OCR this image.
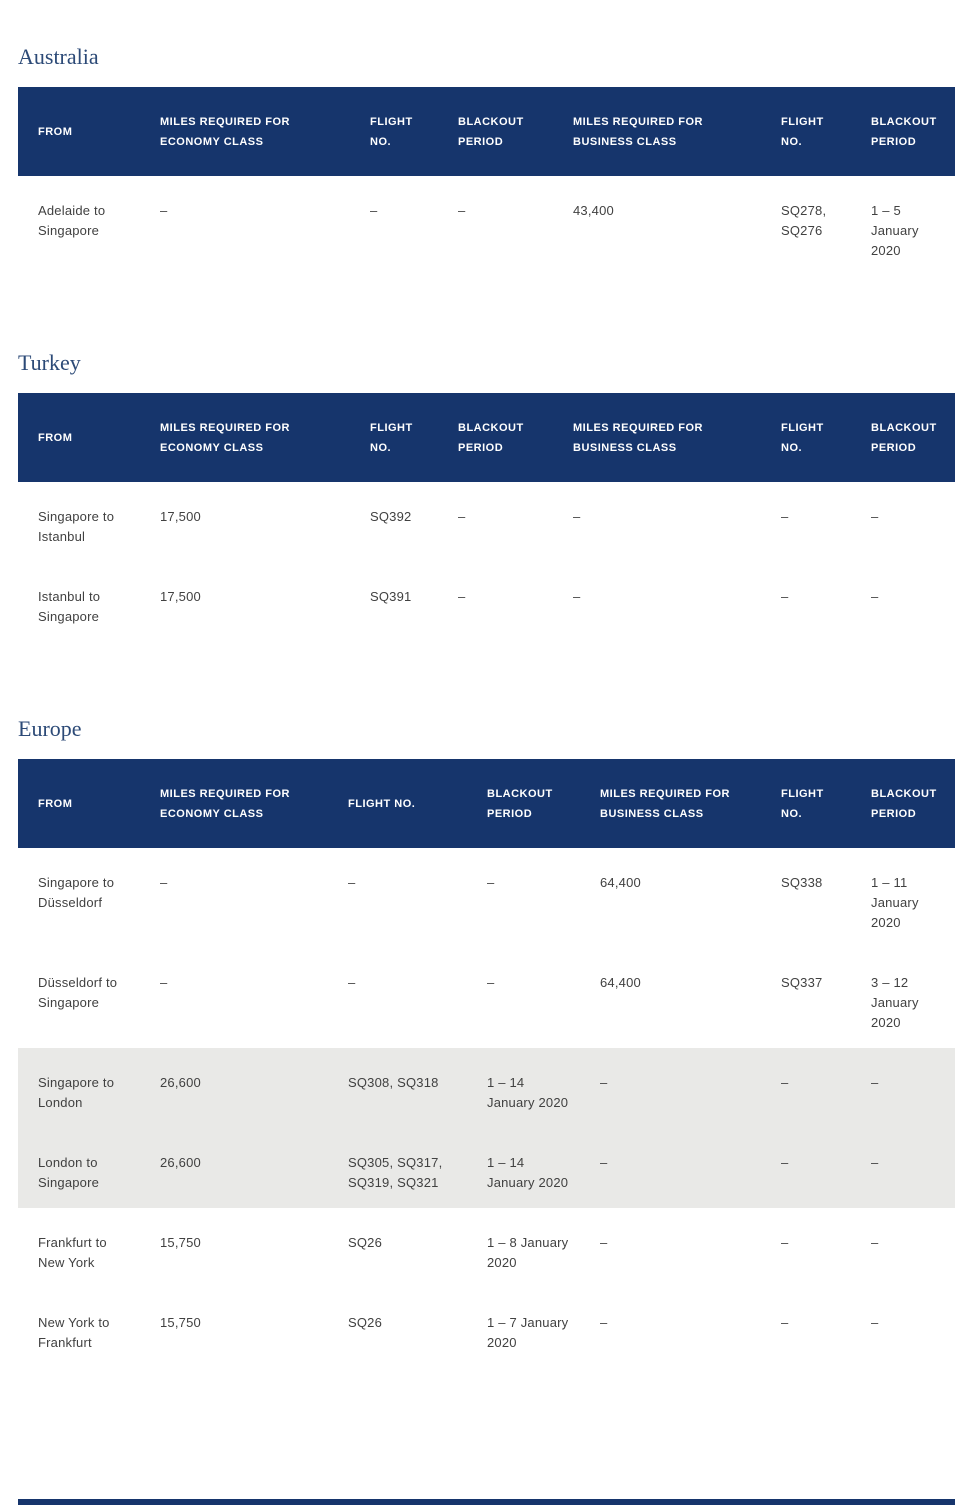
Australia
FROM	MILES REQUIRED FOR ECONOMY CLASS	FLIGHT NO.	BLACKOUT PERIOD	MILES REQUIRED FOR BUSINESS CLASS	FLIGHT NO.	BLACKOUT PERIOD
Adelaide to Singapore	–	–	–	43,400	SQ278, SQ276	1 – 5 January 2020
Turkey
FROM	MILES REQUIRED FOR ECONOMY CLASS	FLIGHT NO.	BLACKOUT PERIOD	MILES REQUIRED FOR BUSINESS CLASS	FLIGHT NO.	BLACKOUT PERIOD
Singapore to Istanbul	17,500	SQ392	–	–	–	–
Istanbul to Singapore	17,500	SQ391	–	–	–	–
Europe
FROM	MILES REQUIRED FOR ECONOMY CLASS	FLIGHT NO.	BLACKOUT PERIOD	MILES REQUIRED FOR BUSINESS CLASS	FLIGHT NO.	BLACKOUT PERIOD
Singapore to Düsseldorf	–	–	–	64,400	SQ338	1 – 11 January 2020
Düsseldorf to Singapore	–	–	–	64,400	SQ337	3 – 12 January 2020
Singapore to London	26,600	SQ308, SQ318	1 – 14 January 2020	–	–	–
London to Singapore	26,600	SQ305, SQ317, SQ319, SQ321	1 – 14 January 2020	–	–	–
Frankfurt to New York	15,750	SQ26	1 – 8 January 2020	–	–	–
New York to Frankfurt	15,750	SQ26	1 – 7 January 2020	–	–	–
